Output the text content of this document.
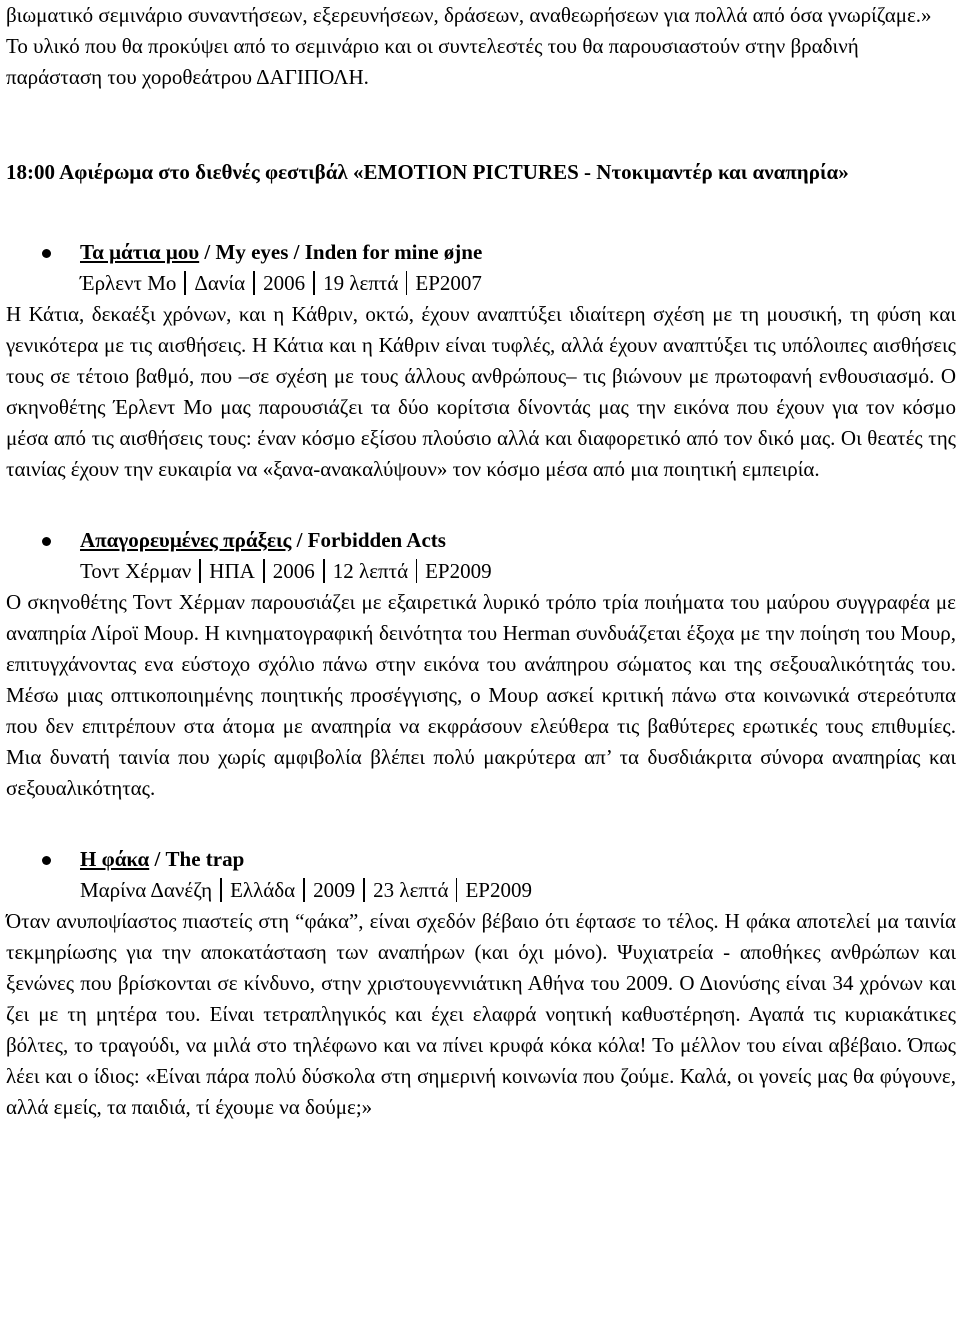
βιωματικό σεμινάριο συναντήσεων, εξερευνήσεων, δράσεων, αναθεωρήσεων για πολλά από όσα γνωρίζαμε.»

Το υλικό που θα προκύψει από το σεμινάριο και οι συντελεστές του θα παρουσιαστούν στην βραδινή παράσταση του χοροθεάτρου ΔΑΓΙΠΟΛΗ.

18:00 Αφιέρωμα στο διεθνές φεστιβάλ «EMOTION PICTURES - Ντοκιμαντέρ και αναπηρία»

Τα μάτια μου / My eyes / Inden for mine øjne

Έρλεντ Μο Δανία 2006 19 λεπτά EP2007

Η Κάτια, δεκαέξι χρόνων, και η Κάθριν, οκτώ, έχουν αναπτύξει ιδιαίτερη σχέση με τη μουσική, τη φύση και γενικότερα με τις αισθήσεις. Η Κάτια και η Κάθριν είναι τυφλές, αλλά έχουν αναπτύξει τις υπόλοιπες αισθήσεις τους σε τέτοιο βαθμό, που –σε σχέση με τους άλλους ανθρώπους– τις βιώνουν με πρωτοφανή ενθουσιασμό. Ο σκηνοθέτης Έρλεντ Μο μας παρουσιάζει τα δύο κορίτσια δίνοντάς μας την εικόνα που έχουν για τον κόσμο μέσα από τις αισθήσεις τους: έναν κόσμο εξίσου πλούσιο αλλά και διαφορετικό από τον δικό μας. Οι θεατές της ταινίας έχουν την ευκαιρία να «ξανα-ανακαλύψουν» τον κόσμο μέσα από μια ποιητική εμπειρία.

Απαγορευμένες πράξεις / Forbidden Acts

Τοντ Χέρμαν ΗΠΑ 2006 12 λεπτά EP2009

Ο σκηνοθέτης Τοντ Χέρμαν παρουσιάζει με εξαιρετικά λυρικό τρόπο τρία ποιήματα του μαύρου συγγραφέα με αναπηρία Λίροϊ Μουρ. Η κινηματογραφική δεινότητα του Herman συνδυάζεται έξοχα με την ποίηση του Μουρ, επιτυγχάνοντας ενα εύστοχο σχόλιο πάνω στην εικόνα του ανάπηρου σώματος και της σεξουαλικότητάς του. Μέσω μιας οπτικοποιημένης ποιητικής προσέγγισης, ο Μουρ ασκεί κριτική πάνω στα κοινωνικά στερεότυπα που δεν επιτρέπουν στα άτομα με αναπηρία να εκφράσουν ελεύθερα τις βαθύτερες ερωτικές τους επιθυμίες. Μια δυνατή ταινία που χωρίς αμφιβολία βλέπει πολύ μακρύτερα απ’ τα δυσδιάκριτα σύνορα αναπηρίας και σεξουαλικότητας.

Η φάκα / The trap

Μαρίνα Δανέζη Ελλάδα 2009 23 λεπτά EP2009

Όταν ανυποψίαστος πιαστείς στη “φάκα”, είναι σχεδόν βέβαιο ότι έφτασε το τέλος. Η φάκα αποτελεί μα ταινία τεκμηρίωσης για την αποκατάσταση των αναπήρων (και όχι μόνο). Ψυχιατρεία - αποθήκες ανθρώπων και ξενώνες που βρίσκονται σε κίνδυνο, στην χριστουγεννιάτικη Αθήνα του 2009. Ο Διονύσης είναι 34 χρόνων και ζει με τη μητέρα του. Είναι τετραπληγικός και έχει ελαφρά νοητική καθυστέρηση. Αγαπά τις κυριακάτικες βόλτες, το τραγούδι, να μιλά στο τηλέφωνο και να πίνει κρυφά κόκα κόλα! Το μέλλον του είναι αβέβαιο. Όπως λέει και ο ίδιος: «Είναι πάρα πολύ δύσκολα στη σημερινή κοινωνία που ζούμε. Καλά, οι γονείς μας θα φύγουνε, αλλά εμείς, τα παιδιά, τί έχουμε να δούμε;»
